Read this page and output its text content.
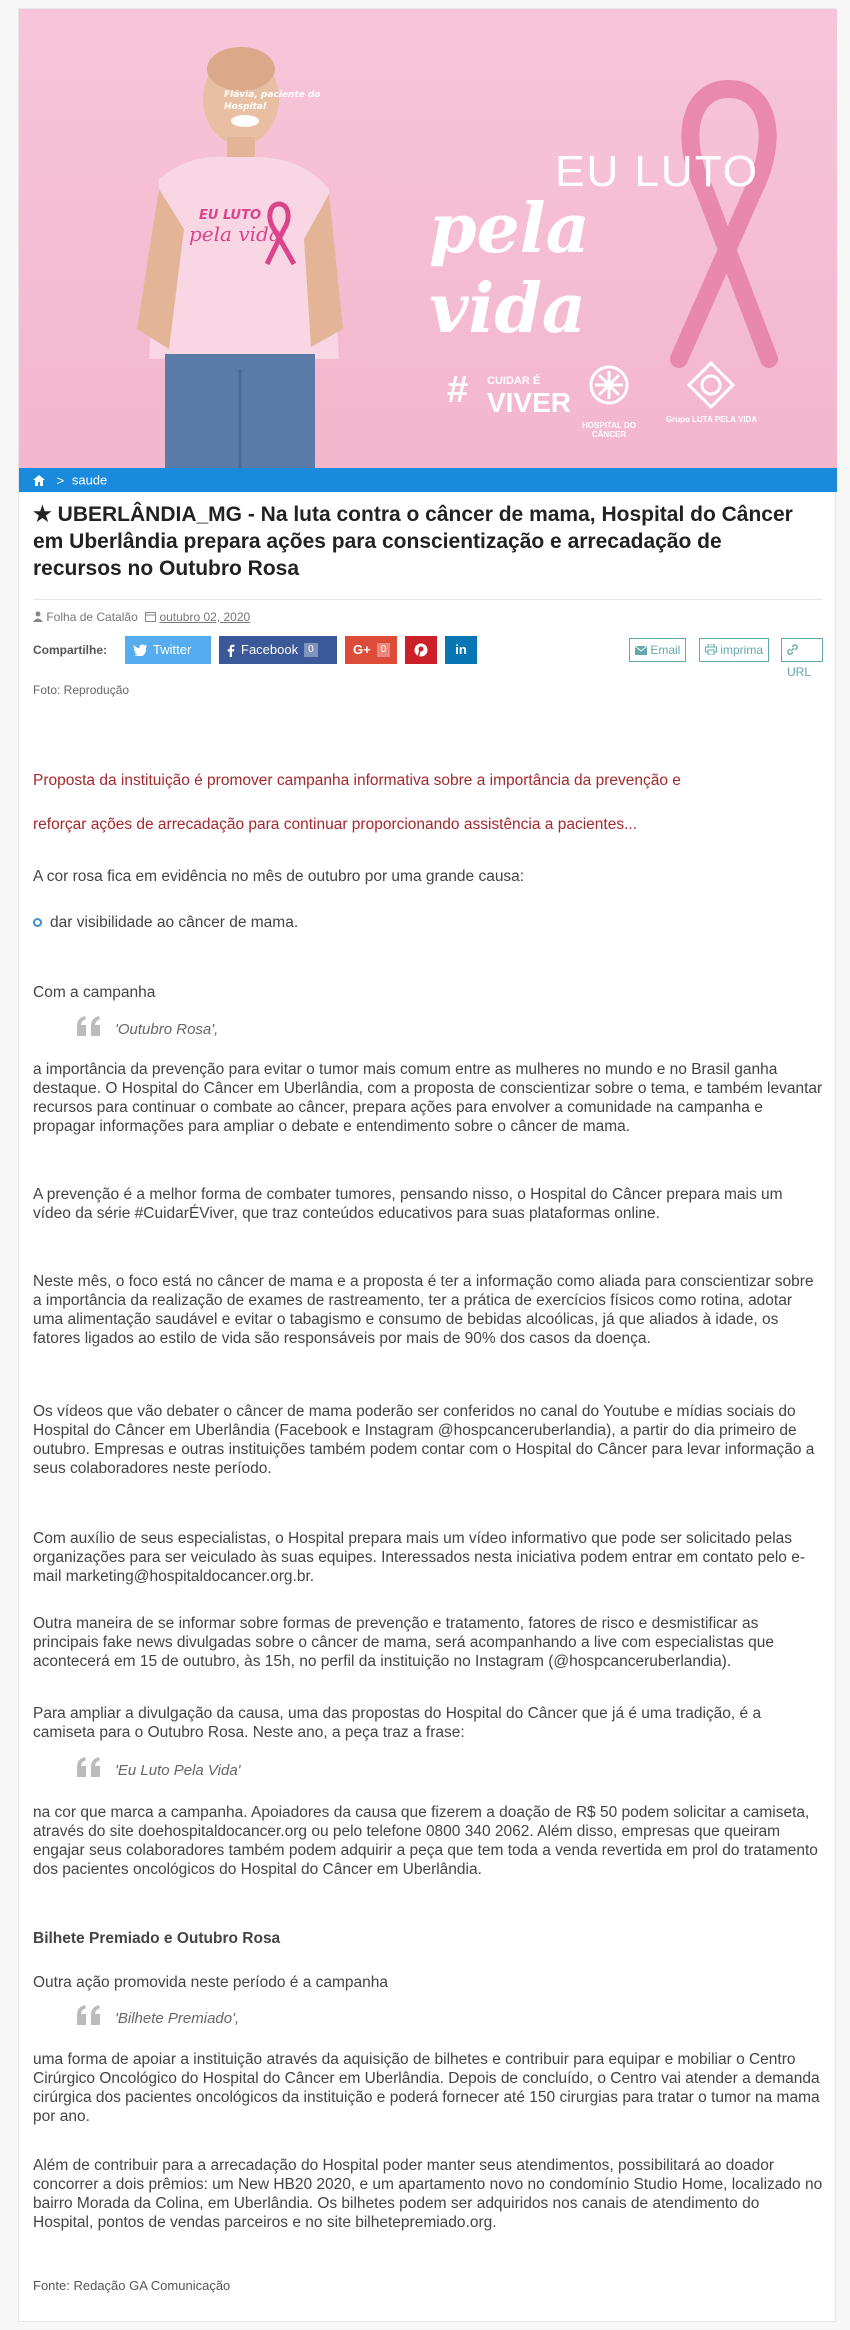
EU LUTO
pela vida
Flávia, paciente do Hospital
EU LUTO
pela vida
# CUIDAR É
VIVER
HOSPITAL DO CÂNCER
Grupo LUTA PELA VIDA
> saude
★ UBERLÂNDIA_MG - Na luta contra o câncer de mama, Hospital do Câncer em Uberlândia prepara ações para conscientização e arrecadação de recursos no Outubro Rosa
Folha de Catalão outubro 02, 2020
Compartilhe:	Twitter	Facebook	0	G+	0	in	Email	imprima
URL
Foto: Reprodução
Proposta da instituição é promover campanha informativa sobre a importância da prevenção e
reforçar ações de arrecadação para continuar proporcionando assistência a pacientes...
A cor rosa fica em evidência no mês de outubro por uma grande causa:
dar visibilidade ao câncer de mama.
Com a campanha
'Outubro Rosa',
a importância da prevenção para evitar o tumor mais comum entre as mulheres no mundo e no Brasil ganha destaque. O Hospital do Câncer em Uberlândia, com a proposta de conscientizar sobre o tema, e também levantar recursos para continuar o combate ao câncer, prepara ações para envolver a comunidade na campanha e propagar informações para ampliar o debate e entendimento sobre o câncer de mama.
A prevenção é a melhor forma de combater tumores, pensando nisso, o Hospital do Câncer prepara mais um vídeo da série #CuidarÉViver, que traz conteúdos educativos para suas plataformas online.
Neste mês, o foco está no câncer de mama e a proposta é ter a informação como aliada para conscientizar sobre a importância da realização de exames de rastreamento, ter a prática de exercícios físicos como rotina, adotar uma alimentação saudável e evitar o tabagismo e consumo de bebidas alcoólicas, já que aliados à idade, os fatores ligados ao estilo de vida são responsáveis por mais de 90% dos casos da doença.
Os vídeos que vão debater o câncer de mama poderão ser conferidos no canal do Youtube e mídias sociais do Hospital do Câncer em Uberlândia (Facebook e Instagram @hospcanceruberlandia), a partir do dia primeiro de outubro. Empresas e outras instituições também podem contar com o Hospital do Câncer para levar informação a seus colaboradores neste período.
Com auxílio de seus especialistas, o Hospital prepara mais um vídeo informativo que pode ser solicitado pelas organizações para ser veiculado às suas equipes. Interessados nesta iniciativa podem entrar em contato pelo e-mail marketing@hospitaldocancer.org.br.
Outra maneira de se informar sobre formas de prevenção e tratamento, fatores de risco e desmistificar as principais fake news divulgadas sobre o câncer de mama, será acompanhando a live com especialistas que acontecerá em 15 de outubro, às 15h, no perfil da instituição no Instagram (@hospcanceruberlandia).
Para ampliar a divulgação da causa, uma das propostas do Hospital do Câncer que já é uma tradição, é a camiseta para o Outubro Rosa. Neste ano, a peça traz a frase:
'Eu Luto Pela Vida'
na cor que marca a campanha. Apoiadores da causa que fizerem a doação de R$ 50 podem solicitar a camiseta, através do site doehospitaldocancer.org ou pelo telefone 0800 340 2062. Além disso, empresas que queiram engajar seus colaboradores também podem adquirir a peça que tem toda a venda revertida em prol do tratamento dos pacientes oncológicos do Hospital do Câncer em Uberlândia.
Bilhete Premiado e Outubro Rosa
Outra ação promovida neste período é a campanha
'Bilhete Premiado',
uma forma de apoiar a instituição através da aquisição de bilhetes e contribuir para equipar e mobiliar o Centro Cirúrgico Oncológico do Hospital do Câncer em Uberlândia. Depois de concluído, o Centro vai atender a demanda cirúrgica dos pacientes oncológicos da instituição e poderá fornecer até 150 cirurgias para tratar o tumor na mama por ano.
Além de contribuir para a arrecadação do Hospital poder manter seus atendimentos, possibilitará ao doador concorrer a dois prêmios: um New HB20 2020, e um apartamento novo no condomínio Studio Home, localizado no bairro Morada da Colina, em Uberlândia. Os bilhetes podem ser adquiridos nos canais de atendimento do Hospital, pontos de vendas parceiros e no site bilhetepremiado.org.
Fonte: Redação GA Comunicação
